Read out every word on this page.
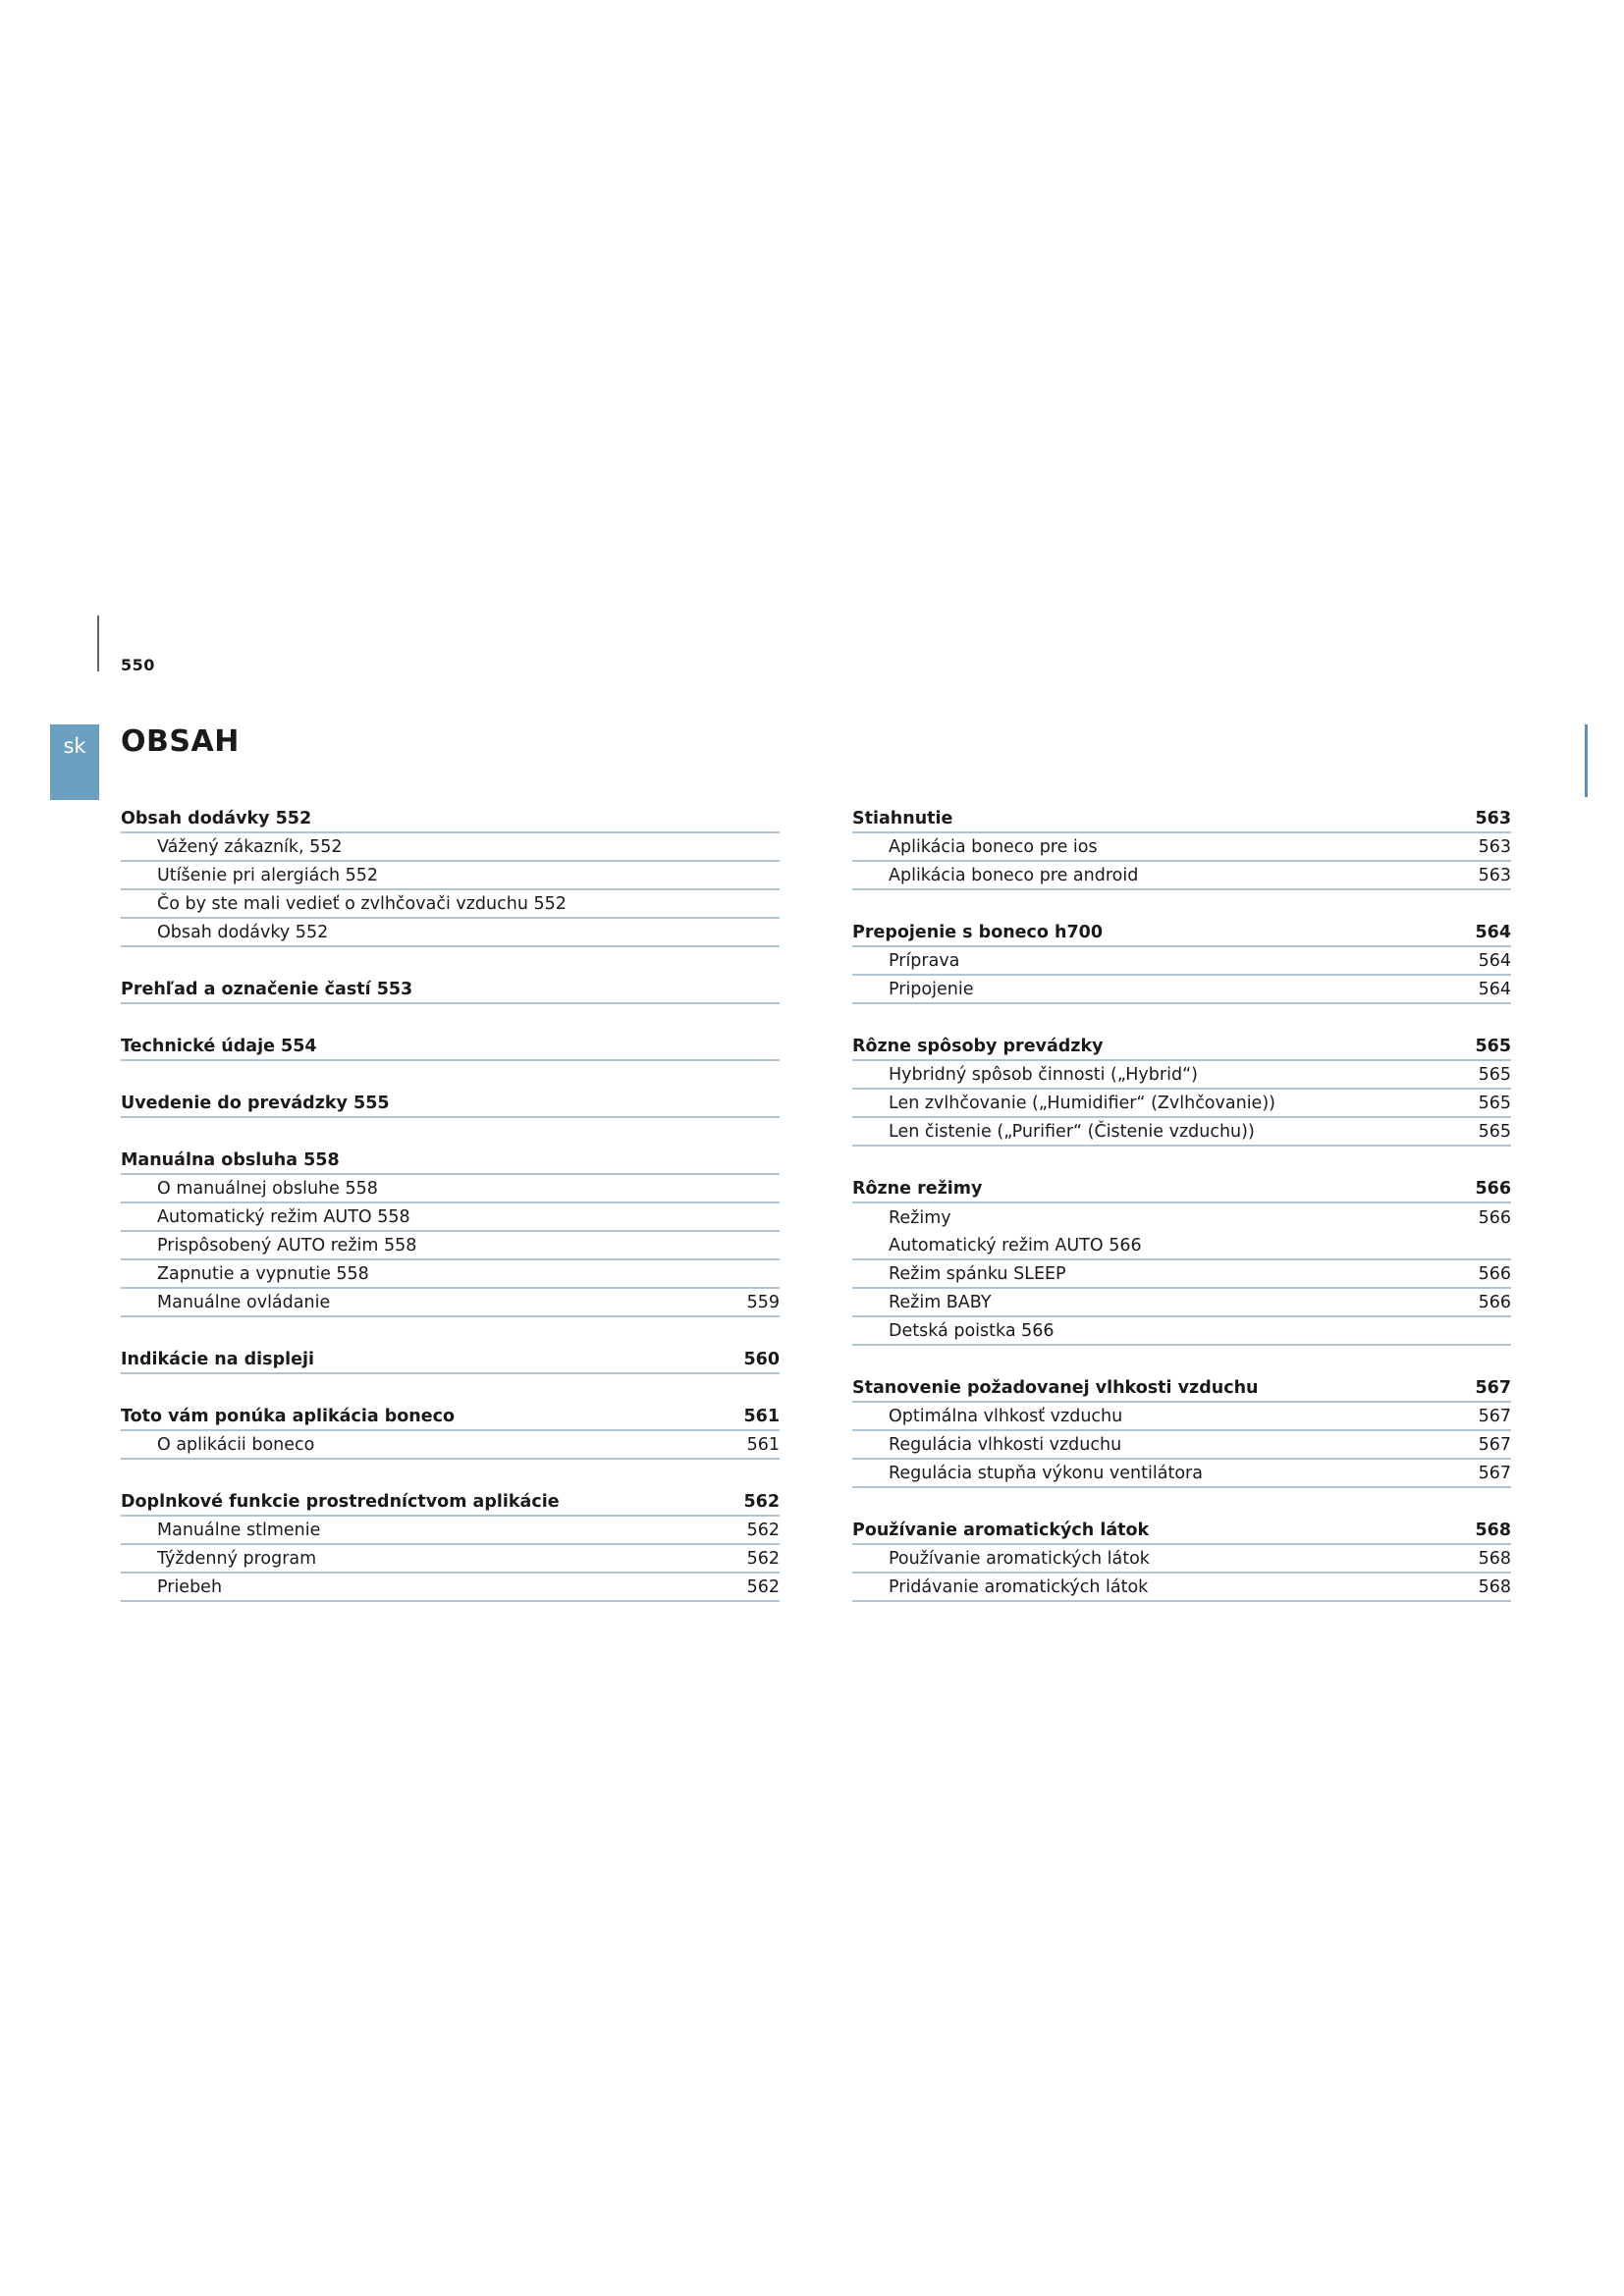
550
sk OBSAH
Obsah dodávky 552
Vážený zákazník, 552
Utíšenie pri alergiách 552
Čo by ste mali vedieť o zvlhčovači vzduchu 552
Obsah dodávky 552
Prehľad a označenie častí 553
Technické údaje 554
Uvedenie do prevádzky 555
Manuálna obsluha 558
O manuálnej obsluhe 558
Automatický režim AUTO 558
Prispôsobený AUTO režim 558
Zapnutie a vypnutie 558
Manuálne ovládanie	559
Indikácie na displeji	560
Toto vám ponúka aplikácia boneco	561
O aplikácii boneco	561
Doplnkové funkcie prostredníctvom aplikácie	562
Manuálne stlmenie	562
Týždenný program	562
Priebeh	562
Stiahnutie	563
Aplikácia boneco pre ios	563
Aplikácia boneco pre android	563
Prepojenie s boneco h700	564
Príprava	564
Pripojenie	564
Rôzne spôsoby prevádzky	565
Hybridný spôsob činnosti („Hybrid“)	565
Len zvlhčovanie („Humidifier“ (Zvlhčovanie))	565
Len čistenie („Purifier“ (Čistenie vzduchu))	565
Rôzne režimy	566
Režimy	566
Automatický režim AUTO 566
Režim spánku SLEEP	566
Režim BABY	566
Detská poistka 566
Stanovenie požadovanej vlhkosti vzduchu	567
Optimálna vlhkosť vzduchu	567
Regulácia vlhkosti vzduchu	567
Regulácia stupňa výkonu ventilátora	567
Používanie aromatických látok	568
Používanie aromatických látok	568
Pridávanie aromatických látok	568
